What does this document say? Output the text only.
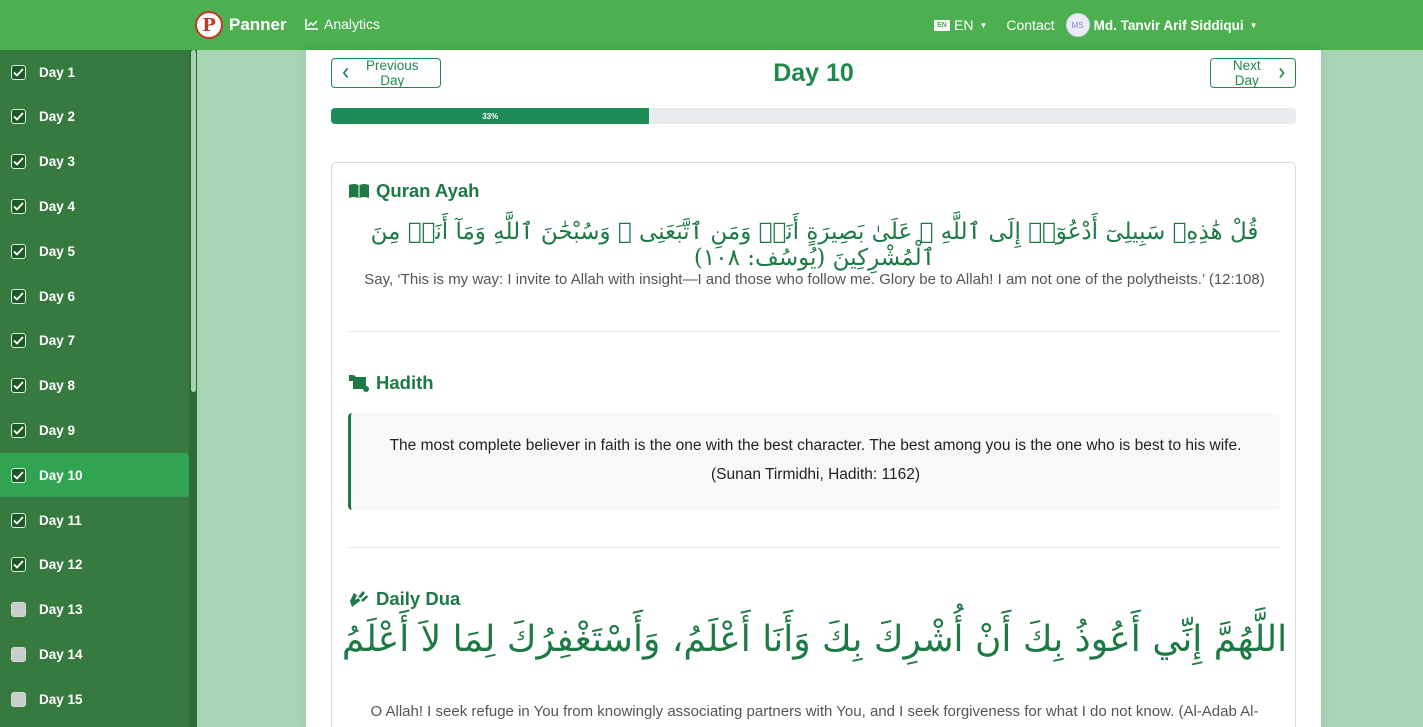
P Panner	Analytics	EN EN ▼ Contact	MS Md. Tanvir Arif Siddiqui ▼
Day 1
Day 2
Day 3
Day 4
Day 5
Day 6
Day 7
Day 8
Day 9
Day 10
Day 11
Day 12
Day 13
Day 14
Day 15
Previous Day	Day 10	Next Day
33%
Quran Ayah
قُلْ هَٰذِهِۦ سَبِيلِىٓ أَدْعُوٓا۟ إِلَى ٱللَّهِ ۚ عَلَىٰ بَصِيرَةٍ أَنَا۠ وَمَنِ ٱتَّبَعَنِى ۖ وَسُبْحَٰنَ ٱللَّهِ وَمَآ أَنَا۠ مِنَ ٱلْمُشْرِكِينَ (يُوسُف: ١٠٨)
Say, ‘This is my way: I invite to Allah with insight—I and those who follow me. Glory be to Allah! I am not one of the polytheists.’ (12:108)
Hadith
The most complete believer in faith is the one with the best character. The best among you is the one who is best to his wife.
(Sunan Tirmidhi, Hadith: 1162)
Daily Dua
اللَّهُمَّ إِنِّي أَعُوذُ بِكَ أَنْ أُشْرِكَ بِكَ وَأَنَا أَعْلَمُ، وَأَسْتَغْفِرُكَ لِمَا لاَ أَعْلَمُ
O Allah! I seek refuge in You from knowingly associating partners with You, and I seek forgiveness for what I do not know. (Al-Adab Al-
